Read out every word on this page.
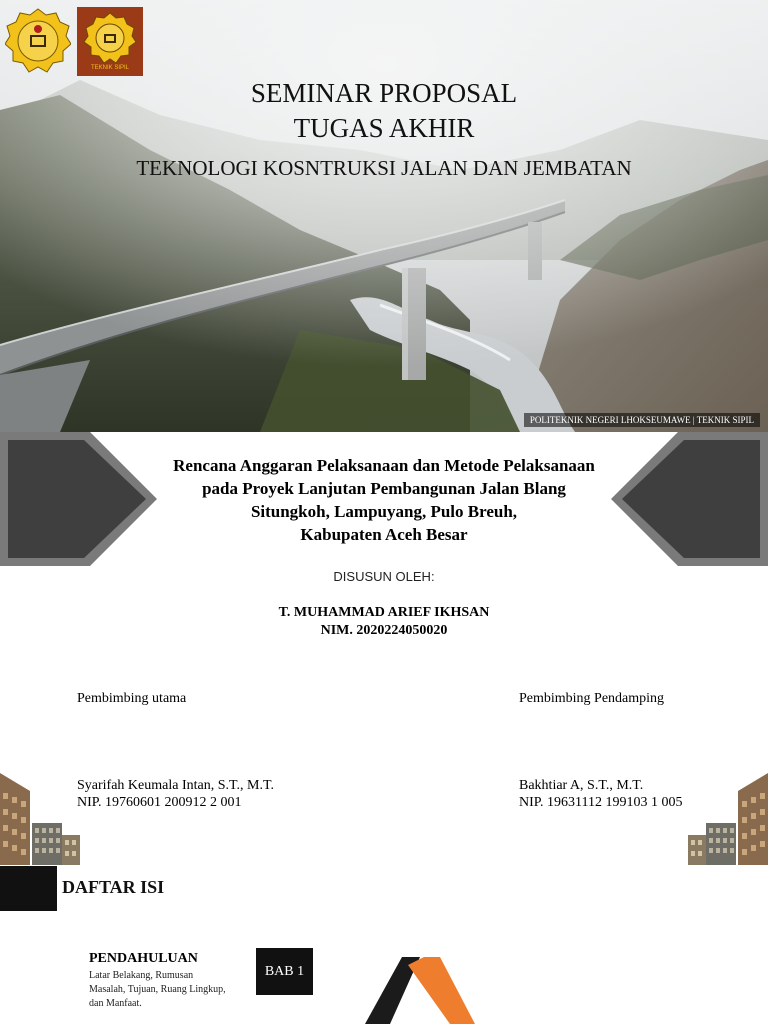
TEKNIK SIPIL
SEMINAR PROPOSAL
TUGAS AKHIR
TEKNOLOGI KOSNTRUKSI JALAN DAN JEMBATAN
POLITEKNIK NEGERI LHOKSEUMAWE | TEKNIK SIPIL
Rencana Anggaran Pelaksanaan dan Metode Pelaksanaan
pada Proyek Lanjutan Pembangunan Jalan Blang
Situngkoh, Lampuyang, Pulo Breuh,
Kabupaten Aceh Besar
DISUSUN OLEH:
T. MUHAMMAD ARIEF IKHSAN
NIM. 2020224050020
Pembimbing utama	Pembimbing Pendamping
Syarifah Keumala Intan, S.T., M.T.
NIP. 19760601 200912 2 001
Bakhtiar A, S.T., M.T.
NIP. 19631112 199103 1 005
DAFTAR ISI
PENDAHULUAN
Latar Belakang, Rumusan
Masalah, Tujuan, Ruang Lingkup,
dan Manfaat.
BAB 1
